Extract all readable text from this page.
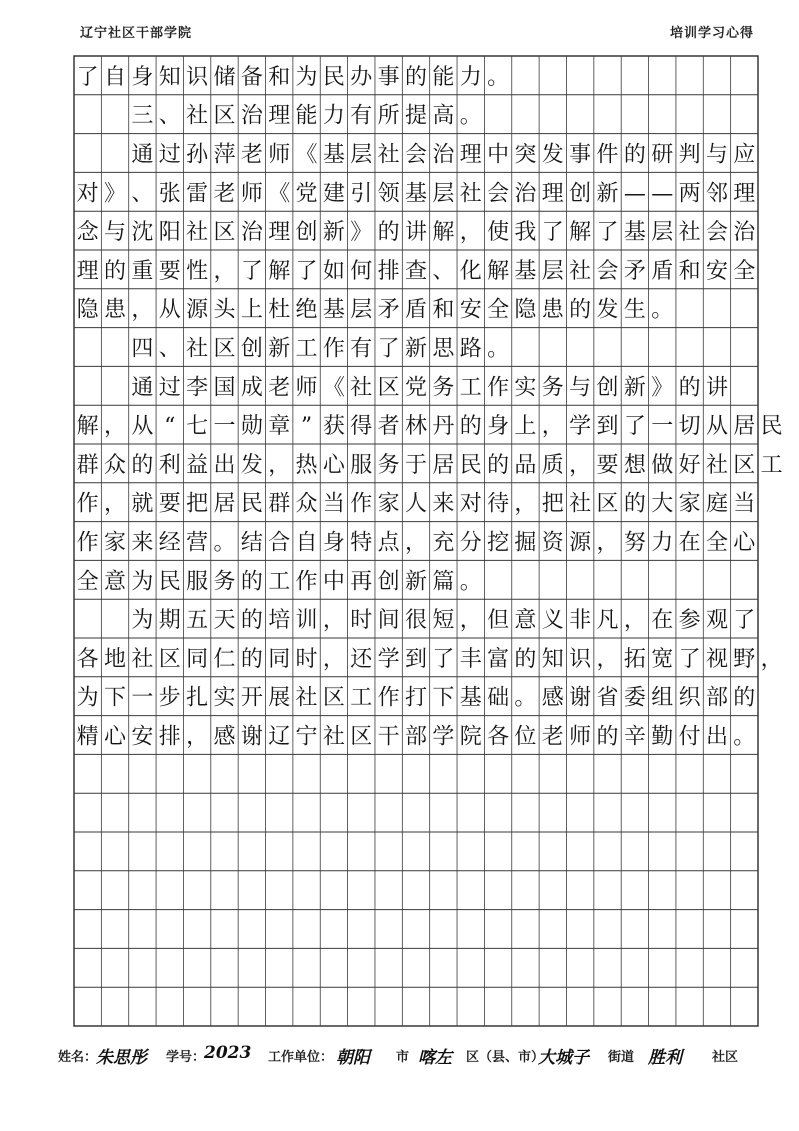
辽宁社区干部学院	培训学习心得
了 自 身 知 识 储 备 和 为 民 办 事 的 能 力 。
三 、 社 区 治 理 能 力 有 所 提 高 。
通 过 孙 萍 老 师 《 基 层 社 会 治 理 中 突 发 事 件 的 研 判 与 应
对 》 、 张 雷 老 师 《 党 建 引 领 基 层 社 会 治 理 创 新 — — 两 邻 理
念 与 沈 阳 社 区 治 理 创 新 》 的 讲 解 ， 使 我 了 解 了 基 层 社 会 治
理 的 重 要 性 ， 了 解 了 如 何 排 查 、 化 解 基 层 社 会 矛 盾 和 安 全
隐 患 ， 从 源 头 上 杜 绝 基 层 矛 盾 和 安 全 隐 患 的 发 生 。
四 、 社 区 创 新 工 作 有 了 新 思 路 。
通 过 李 国 成 老 师 《 社 区 党 务 工 作 实 务 与 创 新 》 的 讲
解 ， 从 “ 七 一 勋 章 ” 获 得 者 林 丹 的 身 上 ， 学 到 了 一 切 从 居 民
群 众 的 利 益 出 发 ， 热 心 服 务 于 居 民 的 品 质 ， 要 想 做 好 社 区 工
作 ， 就 要 把 居 民 群 众 当 作 家 人 来 对 待 ， 把 社 区 的 大 家 庭 当
作 家 来 经 营 。 结 合 自 身 特 点 ， 充 分 挖 掘 资 源 ， 努 力 在 全 心
全 意 为 民 服 务 的 工 作 中 再 创 新 篇 。
为 期 五 天 的 培 训 ， 时 间 很 短 ， 但 意 义 非 凡 ， 在 参 观 了
各 地 社 区 同 仁 的 同 时 ， 还 学 到 了 丰 富 的 知 识 ， 拓 宽 了 视 野 ，
为 下 一 步 扎 实 开 展 社 区 工 作 打 下 基 础 。 感 谢 省 委 组 织 部 的
精 心 安 排 ， 感 谢 辽 宁 社 区 干 部 学 院 各 位 老 师 的 辛 勤 付 出 。
姓名：
朱思彤 学号：
2023 工作单位： 朝阳 市 喀左 区（县、市）
大城子 街道 胜利 社区
